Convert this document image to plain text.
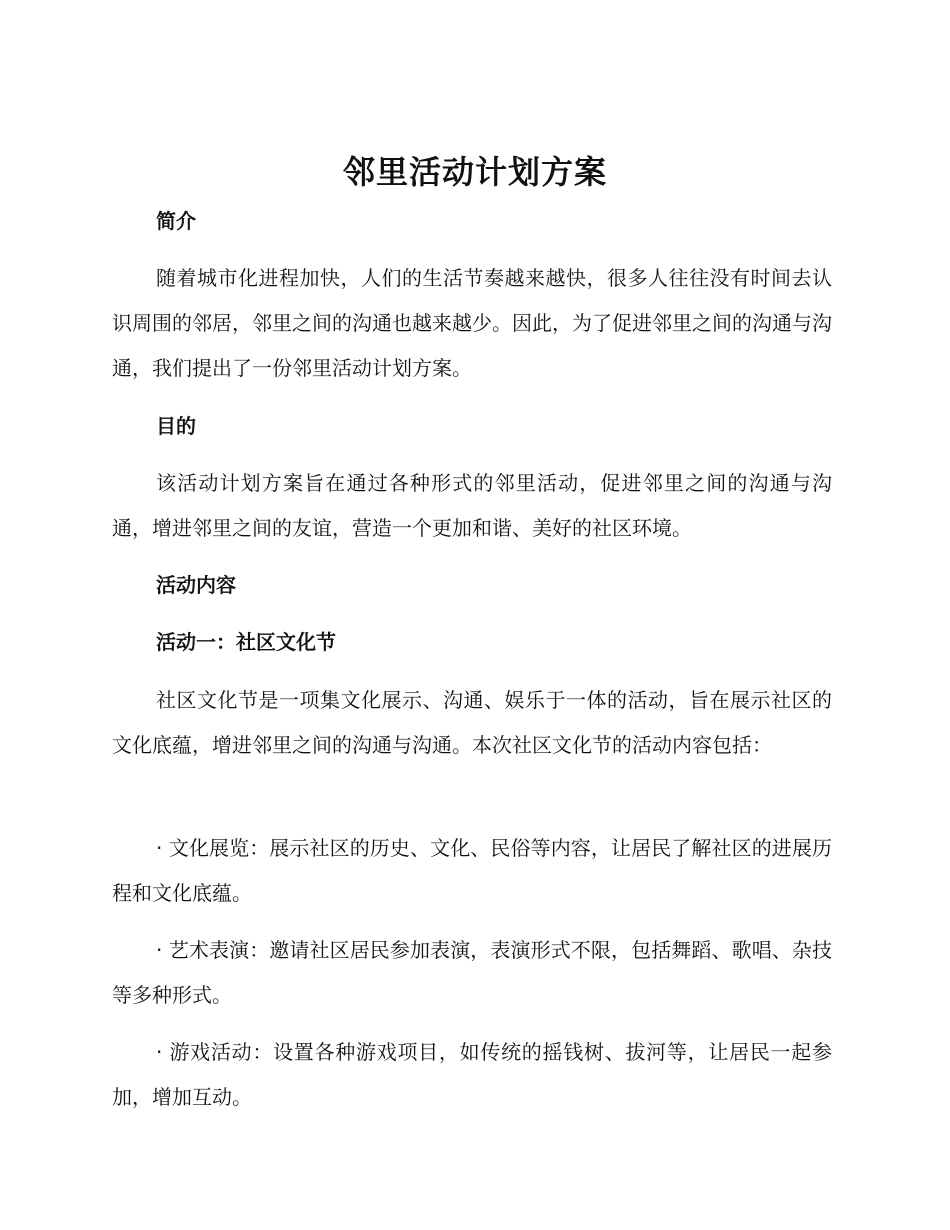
邻里活动计划方案
简介
随着城市化进程加快，人们的生活节奏越来越快，很多人往往没有时间去认识周围的邻居，邻里之间的沟通也越来越少。因此，为了促进邻里之间的沟通与沟通，我们提出了一份邻里活动计划方案。
目的
该活动计划方案旨在通过各种形式的邻里活动，促进邻里之间的沟通与沟通，增进邻里之间的友谊，营造一个更加和谐、美好的社区环境。
活动内容
活动一：社区文化节
社区文化节是一项集文化展示、沟通、娱乐于一体的活动，旨在展示社区的文化底蕴，增进邻里之间的沟通与沟通。本次社区文化节的活动内容包括：
· 文化展览：展示社区的历史、文化、民俗等内容，让居民了解社区的进展历程和文化底蕴。
· 艺术表演：邀请社区居民参加表演，表演形式不限，包括舞蹈、歌唱、杂技等多种形式。
· 游戏活动：设置各种游戏项目，如传统的摇钱树、拔河等，让居民一起参加，增加互动。
